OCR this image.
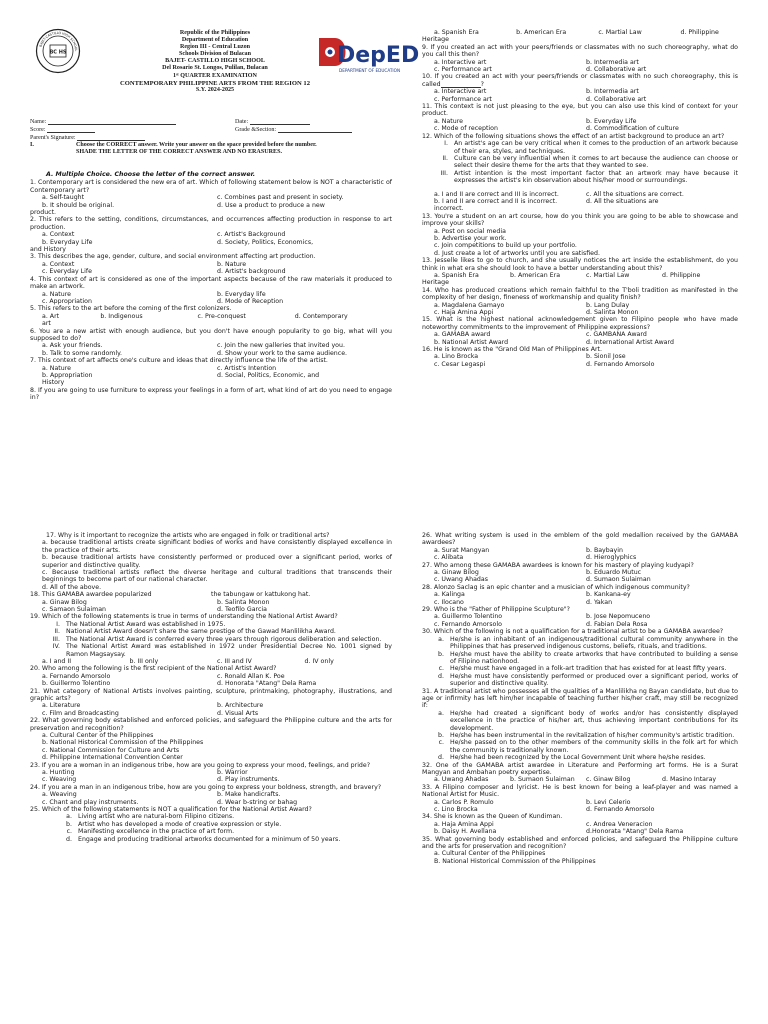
BC HS
BAJET-CASTILLO HIGH SCHOOL
Republic of the Philippines
Department of Education
Region III - Central Luzon
Schools Division of Bulacan
BAJET- CASTILLO HIGH SCHOOL
Del Rosario St. Longos, Pulilan, Bulacan
1ˢᵗ QUARTER EXAMINATION
CONTEMPORARY PHILIPPINE ARTS FROM THE REGION 12
S.Y. 2024-2025
DepED
DEPARTMENT OF EDUCATION
Name:	Date:
Score:	Grade &Section:
Parent's Signature:
I.	Choose the CORRECT answer. Write your answer on the space provided before the number.
SHADE THE LETTER OF THE CORRECT ANSWER AND NO ERASURES.

A. Multiple Choice. Choose the letter of the correct answer.

1. Contemporary art is considered the new era of art. Which of following statement below is NOT a characteristic of Contemporary art?

a. Self-taught	c. Combines past and present in society.
b. It should be original.	d. Use a product to produce a new

product.

2. This refers to the setting, conditions, circumstances, and occurrences affecting production in response to art production.

a. Context	c. Artist's Background
b. Everyday Life	d. Society, Politics, Economics,

and History

3. This describes the age, gender, culture, and social environment affecting art production.

a. Context	b. Nature
c. Everyday Life	d. Artist's background

4. This context of art is considered as one of the important aspects because of the raw materials it produced to make an artwork.

a. Nature	b. Everyday life
c. Appropriation	d. Mode of Reception

5. This refers to the art before the coming of the first colonizers.

a. Art	b. Indigenous	c. Pre-conquest	d. Contemporary

art

6. You are a new artist with enough audience, but you don't have enough popularity to go big, what will you supposed to do?

a. Ask your friends.	c. Join the new galleries that invited you.
b. Talk to some randomly.	d. Show your work to the same audience.

7. This context of art affects one's culture and ideas that directly influence the life of the artist.

a. Nature	c. Artist's Intention
b. Appropriation	d. Social, Politics, Economic, and

History

8. If you are going to use furniture to express your feelings in a form of art, what kind of art do you need to engage in?

a. Spanish Era	b. American Era	c. Martial Law	d. Philippine

Heritage

9. If you created an act with your peers/friends or classmates with no such choreography, what do you call this then?

a. Interactive art	b. Intermedia art
c. Performance art	d. Collaborative art

10. If you created an act with your peers/friends or classmates with no such choreography, this is called	?

a. Interactive art	b. Intermedia art
c. Performance art	d. Collaborative art

11. This context is not just pleasing to the eye, but you can also use this kind of context for your product.

a. Nature	b. Everyday Life
c. Mode of reception	d. Commodification of culture

12. Which of the following situations shows the effect of an artist background to produce an art?

I. An artist's age can be very critical when it comes to the production of an artwork because of their era, styles, and techniques.
II. Culture can be very influential when it comes to art because the audience can choose or select their desire theme for the arts that they wanted to see.
III. Artist intention is the most important factor that an artwork may have because it expresses the artist's kin observation about his/her mood or surroundings.
a. I and II are correct and III is incorrect.	c. All the situations are correct.
b. I and II are correct and II is incorrect.	d. All the situations are

incorrect.

13. You're a student on an art course, how do you think you are going to be able to showcase and improve your skills?

a. Post on social media

b. Advertise your work.

c. Join competitions to build up your portfolio.

d. Just create a lot of artworks until you are satisfied.

13. Jesselle likes to go to church, and she usually notices the art inside the establishment, do you think in what era she should look to have a better understanding about this?

a. Spanish Era	b. American Era	c. Martial Law	d. Philippine

Heritage

14. Who has produced creations which remain faithful to the T'boli tradition as manifested in the complexity of her design, fineness of workmanship and quality finish?

a. Magdalena Gamayo	b. Lang Dulay
c. Haja Amina Appi	d. Salinta Monon

15. What is the highest national acknowledgement given to Filipino people who have made noteworthy commitments to the improvement of Philippine expressions?

a. GAMABA award	c. GAMBANA Award
b. National Artist Award	d. International Artist Award

16. He is known as the "Grand Old Man of Philippines Art.

a. Lino Brocka	b. Sionil Jose
c. Cesar Legaspi	d. Fernando Amorsolo

17. Why is it important to recognize the artists who are engaged in folk or traditional arts?

a. because traditional artists create significant bodies of works and have consistently displayed excellence in the practice of their arts.

b. because traditional artists have consistently performed or produced over a significant period, works of superior and distinctive quality.

c. Because traditional artists reflect the diverse heritage and cultural traditions that transcends their beginnings to become part of our national character.

d. All of the above.

18. This GAMABA awardee popularized	the tabungaw or kattukong hat.
a. Ginaw Bilog	b. Salinta Monon
c. Samaon Sulaiman	d. Teofilo Garcia

19. Which of the following statements is true in terms of understanding the National Artist Award?

I. The National Artist Award was established in 1975.
II. National Artist Award doesn't share the same prestige of the Gawad Manlilikha Award.
III. The National Artist Award is conferred every three years through rigorous deliberation and selection.
IV. The National Artist Award was established in 1972 under Presidential Decree No. 1001 signed by Ramon Magsaysay.
a. I and II	b. III only	c. III and IV	d. IV only

20. Who among the following is the first recipient of the National Artist Award?

a. Fernando Amorsolo	c. Ronald Allan K. Poe
b. Guillermo Tolentino	d. Honorata "Atang" Dela Rama

21. What category of National Artists involves painting, sculpture, printmaking, photography, illustrations, and graphic arts?

a. Literature	b. Architecture
c. Film and Broadcasting	d. Visual Arts

22. What governing body established and enforced policies, and safeguard the Philippine culture and the arts for preservation and recognition?

a. Cultural Center of the Philippines

b. National Historical Commission of the Philippines

c. National Commission for Culture and Arts

d. Philippine International Convention Center

23. If you are a woman in an indigenous tribe, how are you going to express your mood, feelings, and pride?

a. Hunting	b. Warrior
c. Weaving	d. Play instruments.

24. If you are a man in an indigenous tribe, how are you going to express your boldness, strength, and bravery?

a. Weaving	b. Make handicrafts.
c. Chant and play instruments.	d. Wear b-string or bahag

25. Which of the following statements is NOT a qualification for the National Artist Award?

a. Living artist who are natural-born Filipino citizens.
b. Artist who has developed a mode of creative expression or style.
c. Manifesting excellence in the practice of art form.
d. Engage and producing traditional artworks documented for a minimum of 50 years.

26. What writing system is used in the emblem of the gold medallion received by the GAMABA awardees?

a. Surat Mangyan	b. Baybayin
c. Alibata	d. Hieroglyphics

27. Who among these GAMABA awardees is known for his mastery of playing kudyapi?

a. Ginaw Bilog	b. Eduardo Mutuc
c. Uwang Ahadas	d. Sumaon Sulaiman

28. Alonzo Saclag is an epic chanter and a musician of which indigenous community?

a. Kalinga	b. Kankana-ey
c. Ilocano	d. Yakan

29. Who is the "Father of Philippine Sculpture"?

a. Guillermo Tolentino	b. Jose Nepomuceno
c. Fernando Amorsolo	d. Fabian Dela Rosa

30. Which of the following is not a qualification for a traditional artist to be a GAMABA awardee?

a. He/she is an inhabitant of an indigenous/traditional cultural community anywhere in the Philippines that has preserved indigenous customs, beliefs, rituals, and traditions.
b. He/she must have the ability to create artworks that have contributed to building a sense of Filipino nationhood.
c. He/she must have engaged in a folk-art tradition that has existed for at least fifty years.
d. He/she must have consistently performed or produced over a significant period, works of superior and distinctive quality.

31. A traditional artist who possesses all the qualities of a Manlilikha ng Bayan candidate, but due to age or infirmity has left him/her incapable of teaching further his/her craft, may still be recognized if:

a. He/she had created a significant body of works and/or has consistently displayed excellence in the practice of his/her art, thus achieving important contributions for its development.
b. He/she has been instrumental in the revitalization of his/her community's artistic tradition.
c. He/she passed on to the other members of the community skills in the folk art for which the community is traditionally known.
d. He/she had been recognized by the Local Government Unit where he/she resides.

32. One of the GAMABA artist awardee in Literature and Performing art forms. He is a Surat Mangyan and Ambahan poetry expertise.

a. Uwang Ahadas	b. Sumaon Sulaiman	c. Ginaw Bilog	d. Masino Intaray

33. A Filipino composer and lyricist. He is best known for being a leaf-player and was named a National Artist for Music.

a. Carlos P. Romulo	b. Levi Celerio
c. Lino Brocka	d. Fernando Amorsolo

34. She is known as the Queen of Kundiman.

a. Haja Amina Appi	c. Andrea Veneracion
b. Daisy H. Avellana	d.Honorata "Atang" Dela Rama

35. What governing body established and enforced policies, and safeguard the Philippine culture and the arts for preservation and recognition?

a. Cultural Center of the Philippines

B. National Historical Commission of the Philippines
